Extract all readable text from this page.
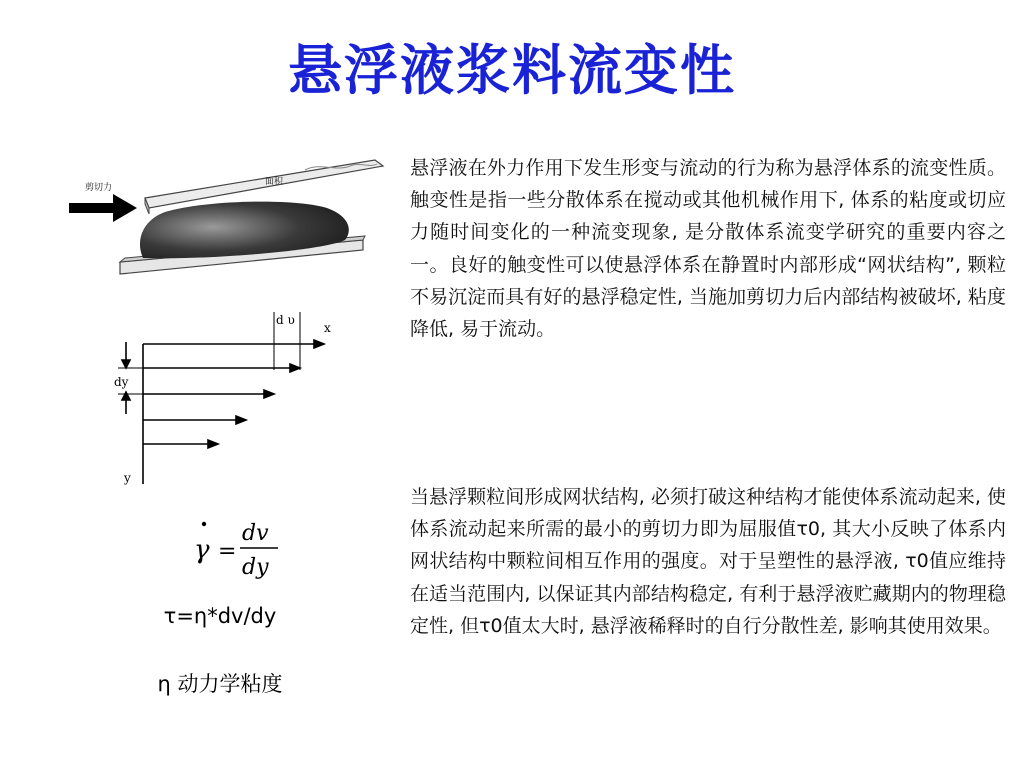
悬浮液浆料流变性
剪切力
面积
d υ
x
dy
y
γ =
dv
dy
τ=η*dv/dy
η 动力学粘度

悬浮液在外力作用下发生形变与流动的行为称为悬浮体系的流变性质。触变性是指一些分散体系在搅动或其他机械作用下, 体系的粘度或切应力随时间变化的一种流变现象, 是分散体系流变学研究的重要内容之一。良好的触变性可以使悬浮体系在静置时内部形成“网状结构”, 颗粒不易沉淀而具有好的悬浮稳定性, 当施加剪切力后内部结构被破坏, 粘度降低, 易于流动。

当悬浮颗粒间形成网状结构, 必须打破这种结构才能使体系流动起来, 使体系流动起来所需的最小的剪切力即为屈服值τ0, 其大小反映了体系内网状结构中颗粒间相互作用的强度。对于呈塑性的悬浮液, τ0值应维持在适当范围内, 以保证其内部结构稳定, 有利于悬浮液贮藏期内的物理稳定性, 但τ0值太大时, 悬浮液稀释时的自行分散性差, 影响其使用效果。
